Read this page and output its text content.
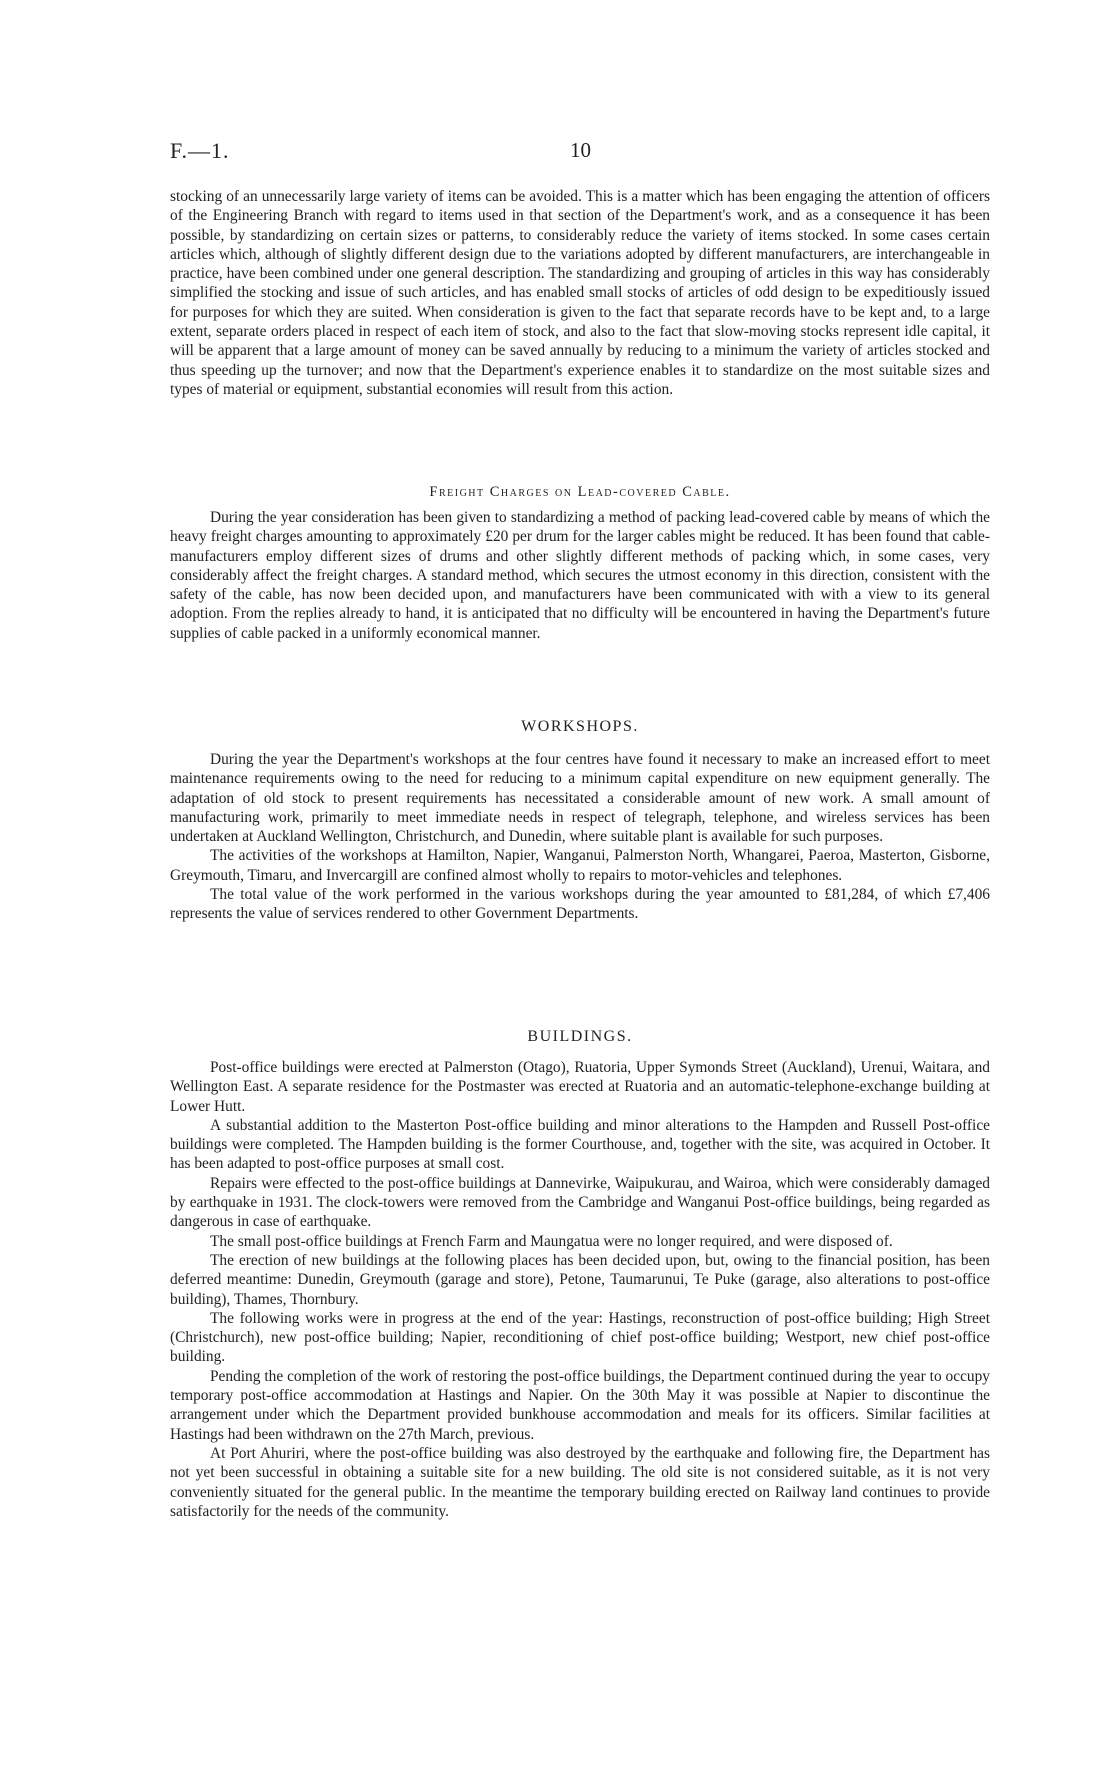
F.—1.	10

stocking of an unnecessarily large variety of items can be avoided. This is a matter which has been engaging the attention of officers of the Engineering Branch with regard to items used in that section of the Department's work, and as a consequence it has been possible, by standardizing on certain sizes or patterns, to considerably reduce the variety of items stocked. In some cases certain articles which, although of slightly different design due to the variations adopted by different manufacturers, are interchangeable in practice, have been combined under one general description. The standardizing and grouping of articles in this way has considerably simplified the stocking and issue of such articles, and has enabled small stocks of articles of odd design to be expeditiously issued for purposes for which they are suited. When consideration is given to the fact that separate records have to be kept and, to a large extent, separate orders placed in respect of each item of stock, and also to the fact that slow-moving stocks represent idle capital, it will be apparent that a large amount of money can be saved annually by reducing to a minimum the variety of articles stocked and thus speeding up the turnover; and now that the Department's experience enables it to standardize on the most suitable sizes and types of material or equipment, substantial economies will result from this action.

Freight Charges on Lead-covered Cable.

During the year consideration has been given to standardizing a method of packing lead-covered cable by means of which the heavy freight charges amounting to approximately £20 per drum for the larger cables might be reduced. It has been found that cable-manufacturers employ different sizes of drums and other slightly different methods of packing which, in some cases, very considerably affect the freight charges. A standard method, which secures the utmost economy in this direction, consistent with the safety of the cable, has now been decided upon, and manufacturers have been communicated with with a view to its general adoption. From the replies already to hand, it is anticipated that no difficulty will be encountered in having the Department's future supplies of cable packed in a uniformly economical manner.

WORKSHOPS.

During the year the Department's workshops at the four centres have found it necessary to make an increased effort to meet maintenance requirements owing to the need for reducing to a minimum capital expenditure on new equipment generally. The adaptation of old stock to present requirements has necessitated a considerable amount of new work. A small amount of manufacturing work, primarily to meet immediate needs in respect of telegraph, telephone, and wireless services has been undertaken at Auckland Wellington, Christchurch, and Dunedin, where suitable plant is available for such purposes.

The activities of the workshops at Hamilton, Napier, Wanganui, Palmerston North, Whangarei, Paeroa, Masterton, Gisborne, Greymouth, Timaru, and Invercargill are confined almost wholly to repairs to motor-vehicles and telephones.

The total value of the work performed in the various workshops during the year amounted to £81,284, of which £7,406 represents the value of services rendered to other Government Departments.

BUILDINGS.

Post-office buildings were erected at Palmerston (Otago), Ruatoria, Upper Symonds Street (Auckland), Urenui, Waitara, and Wellington East. A separate residence for the Postmaster was erected at Ruatoria and an automatic-telephone-exchange building at Lower Hutt.

A substantial addition to the Masterton Post-office building and minor alterations to the Hampden and Russell Post-office buildings were completed. The Hampden building is the former Courthouse, and, together with the site, was acquired in October. It has been adapted to post-office purposes at small cost.

Repairs were effected to the post-office buildings at Dannevirke, Waipukurau, and Wairoa, which were considerably damaged by earthquake in 1931. The clock-towers were removed from the Cambridge and Wanganui Post-office buildings, being regarded as dangerous in case of earthquake.

The small post-office buildings at French Farm and Maungatua were no longer required, and were disposed of.

The erection of new buildings at the following places has been decided upon, but, owing to the financial position, has been deferred meantime: Dunedin, Greymouth (garage and store), Petone, Taumarunui, Te Puke (garage, also alterations to post-office building), Thames, Thornbury.

The following works were in progress at the end of the year: Hastings, reconstruction of post-office building; High Street (Christchurch), new post-office building; Napier, reconditioning of chief post-office building; Westport, new chief post-office building.

Pending the completion of the work of restoring the post-office buildings, the Department continued during the year to occupy temporary post-office accommodation at Hastings and Napier. On the 30th May it was possible at Napier to discontinue the arrangement under which the Department provided bunkhouse accommodation and meals for its officers. Similar facilities at Hastings had been withdrawn on the 27th March, previous.

At Port Ahuriri, where the post-office building was also destroyed by the earthquake and following fire, the Department has not yet been successful in obtaining a suitable site for a new building. The old site is not considered suitable, as it is not very conveniently situated for the general public. In the meantime the temporary building erected on Railway land continues to provide satisfactorily for the needs of the community.
